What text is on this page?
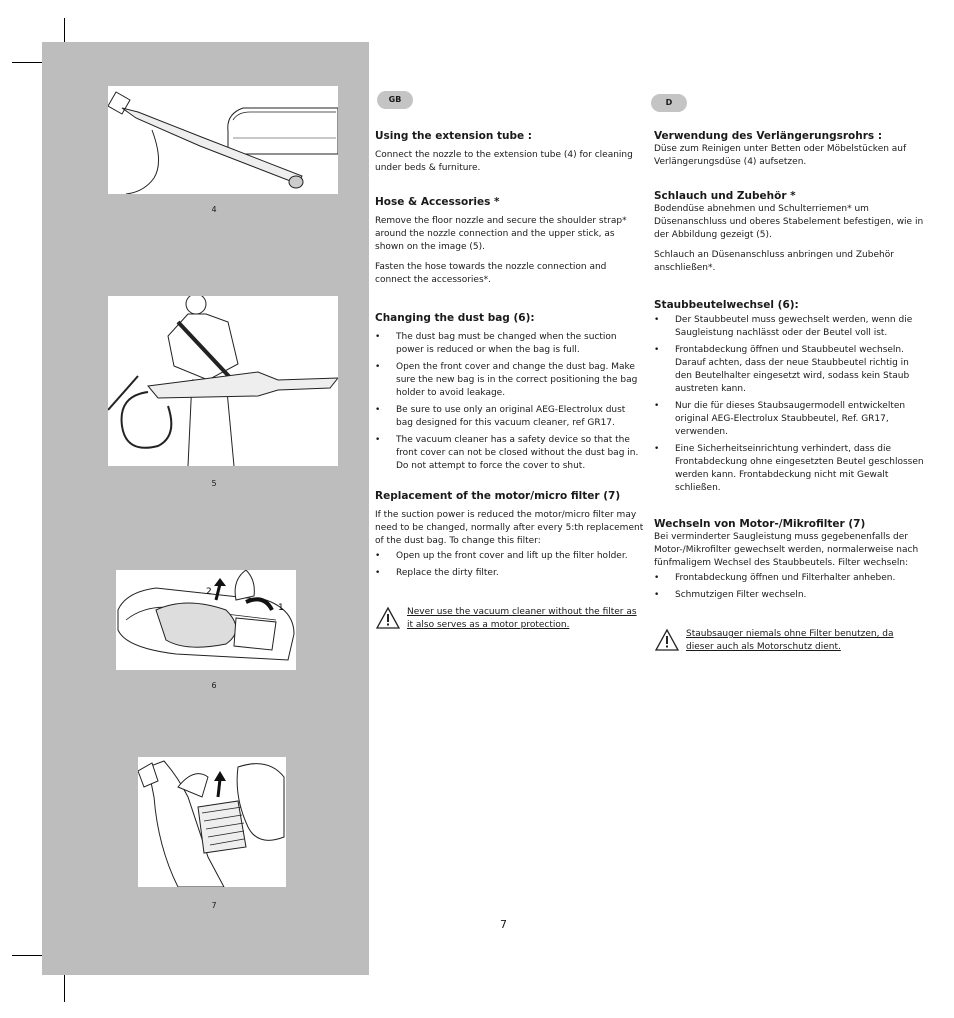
4
5
2
1
6
7
GB	D
Using the extension tube :

Connect the nozzle to the extension tube (4) for cleaning under beds & furniture.

Hose & Accessories *

Remove the floor nozzle and secure the shoulder strap* around the nozzle connection and the upper stick, as shown on the image (5).

Fasten the hose towards the nozzle connection and connect the accessories*.

Changing the dust bag (6):
• The dust bag must be changed when the suction power is reduced or when the bag is full.
• Open the front cover and change the dust bag. Make sure the new bag is in the correct positioning the bag holder to avoid leakage.
• Be sure to use only an original AEG-Electrolux dust bag designed for this vacuum cleaner, ref GR17.
• The vacuum cleaner has a safety device so that the front cover can not be closed without the dust bag in. Do not attempt to force the cover to shut.
Replacement of the motor/micro filter (7)

If the suction power is reduced the motor/micro filter may need to be changed, normally after every 5:th replacement of the dust bag. To change this filter:

• Open up the front cover and lift up the filter holder.
• Replace the dirty filter.
Never use the vacuum cleaner without the filter as it also serves as a motor protection.
Verwendung des Verlängerungsrohrs :

Düse zum Reinigen unter Betten oder Möbelstücken auf Verlängerungsdüse (4) aufsetzen.

Schlauch und Zubehör *

Bodendüse abnehmen und Schulterriemen* um Düsenanschluss und oberes Stabelement befestigen, wie in der Abbildung gezeigt (5).

Schlauch an Düsenanschluss anbringen und Zubehör anschließen*.

Staubbeutelwechsel (6):
• Der Staubbeutel muss gewechselt werden, wenn die Saugleistung nachlässt oder der Beutel voll ist.
• Frontabdeckung öffnen und Staubbeutel wechseln. Darauf achten, dass der neue Staubbeutel richtig in den Beutelhalter eingesetzt wird, sodass kein Staub austreten kann.
• Nur die für dieses Staubsaugermodell entwickelten original AEG-Electrolux Staubbeutel, Ref. GR17, verwenden.
• Eine Sicherheitseinrichtung verhindert, dass die Frontabdeckung ohne eingesetzten Beutel geschlossen werden kann. Frontabdeckung nicht mit Gewalt schließen.
Wechseln von Motor-/Mikrofilter (7)

Bei verminderter Saugleistung muss gegebenenfalls der Motor-/Mikrofilter gewechselt werden, normalerweise nach fünfmaligem Wechsel des Staubbeutels. Filter wechseln:

• Frontabdeckung öffnen und Filterhalter anheben.
• Schmutzigen Filter wechseln.
Staubsauger niemals ohne Filter benutzen, da dieser auch als Motorschutz dient.
7
